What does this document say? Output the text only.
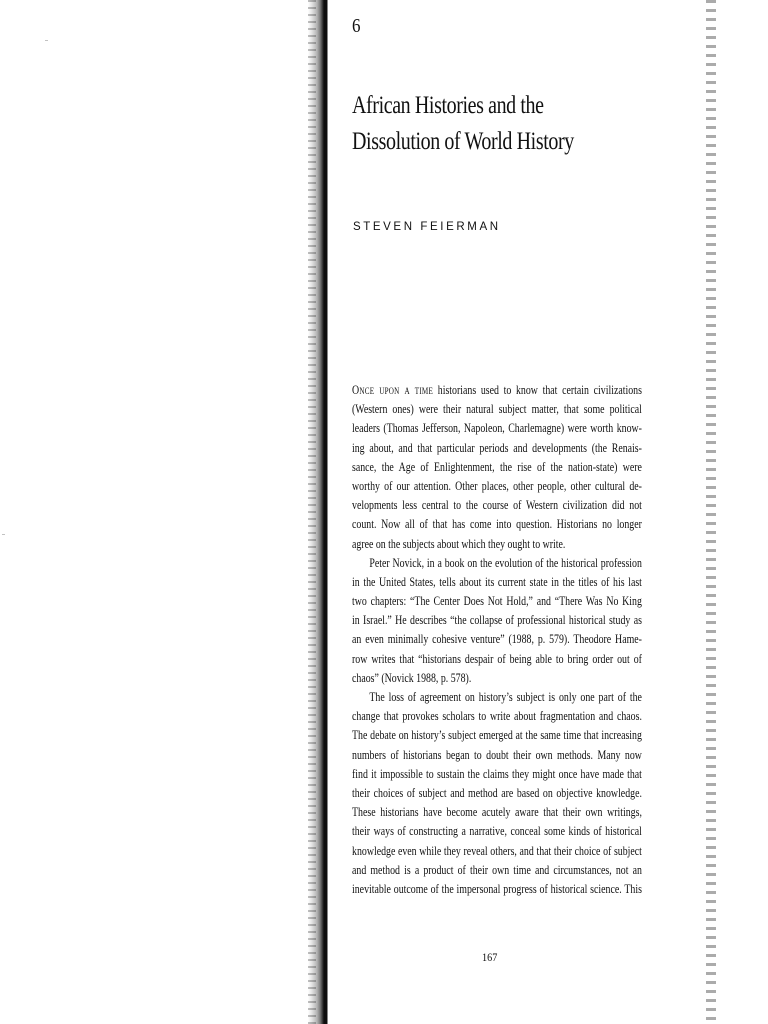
6
African Histories and the
Dissolution of World History
STEVEN FEIERMAN
Once upon a time historians used to know that certain civilizations
(Western ones) were their natural subject matter, that some political
leaders (Thomas Jefferson, Napoleon, Charlemagne) were worth know-
ing about, and that particular periods and developments (the Renais-
sance, the Age of Enlightenment, the rise of the nation-state) were
worthy of our attention. Other places, other people, other cultural de-
velopments less central to the course of Western civilization did not
count. Now all of that has come into question. Historians no longer
agree on the subjects about which they ought to write.
Peter Novick, in a book on the evolution of the historical profession
in the United States, tells about its current state in the titles of his last
two chapters: “The Center Does Not Hold,” and “There Was No King
in Israel.” He describes “the collapse of professional historical study as
an even minimally cohesive venture” (1988, p. 579). Theodore Hame-
row writes that “historians despair of being able to bring order out of
chaos” (Novick 1988, p. 578).
The loss of agreement on history’s subject is only one part of the
change that provokes scholars to write about fragmentation and chaos.
The debate on history’s subject emerged at the same time that increasing
numbers of historians began to doubt their own methods. Many now
find it impossible to sustain the claims they might once have made that
their choices of subject and method are based on objective knowledge.
These historians have become acutely aware that their own writings,
their ways of constructing a narrative, conceal some kinds of historical
knowledge even while they reveal others, and that their choice of subject
and method is a product of their own time and circumstances, not an
inevitable outcome of the impersonal progress of historical science. This
167
